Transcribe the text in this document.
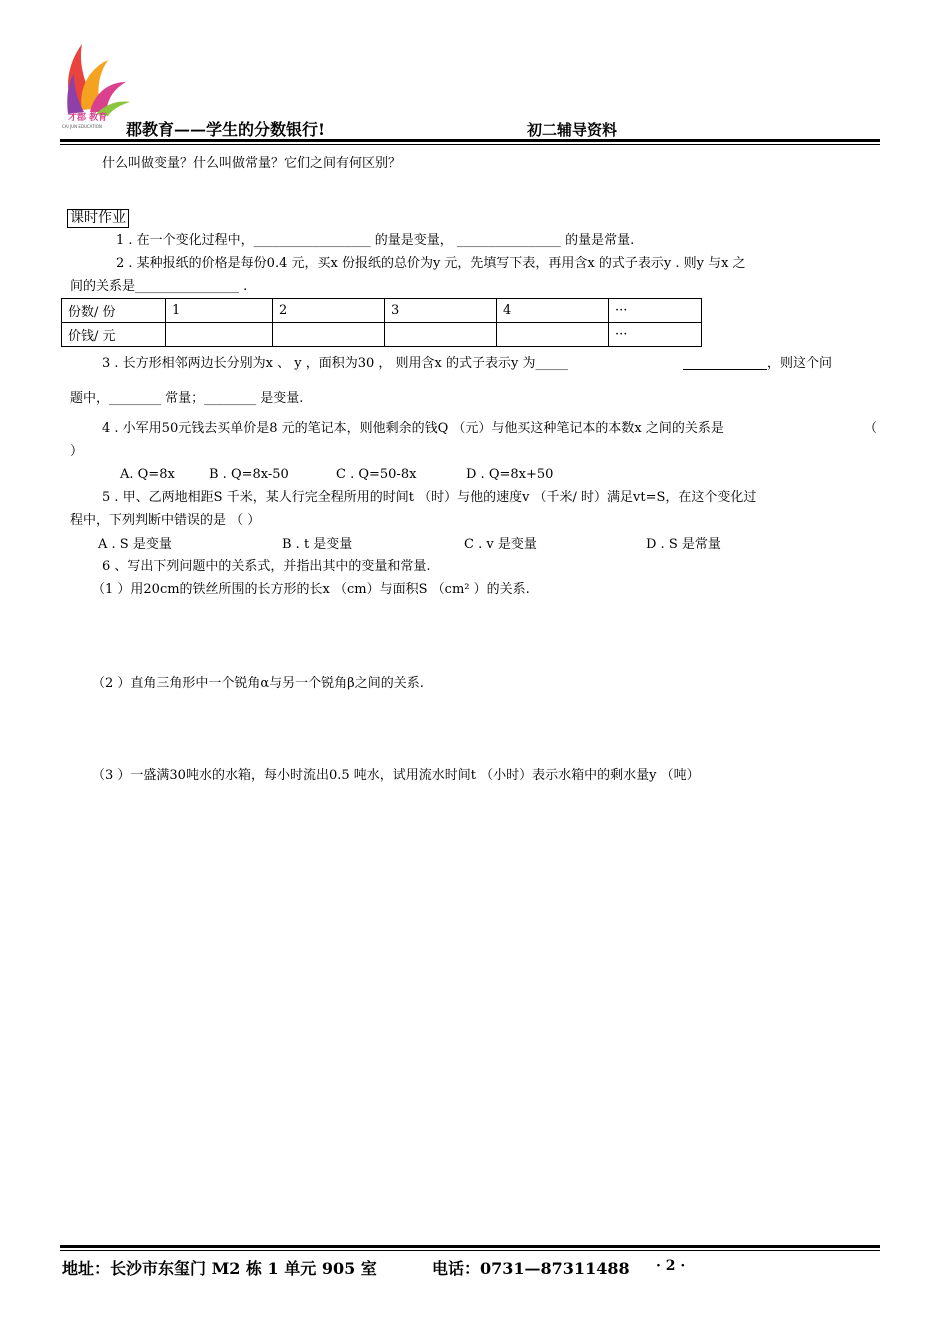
才郡 教育
CAI JUN EDUCATION 郡教育——学生的分数银行!	初二辅导资料
什么叫做变量？什么叫做常量？它们之间有何区别？
课时作业
1 . 在一个变化过程中，__________________ 的量是变量， ________________ 的量是常量.
2 . 某种报纸的价格是每份0.4 元，买x 份报纸的总价为y 元，先填写下表，再用含x 的式子表示y . 则y 与x 之
间的关系是________________ .
份数/ 份	1	2	3	4	···
价钱/ 元					···
3 . 长方形相邻两边长分别为x 、 y ，面积为30 ， 则用含x 的式子表示y 为_____	，则这个问
题中，________ 常量；________ 是变量.
4 . 小军用50元钱去买单价是8 元的笔记本，则他剩余的钱Q （元）与他买这种笔记本的本数x 之间的关系是	（
）
A. Q=8x	B . Q=8x-50	C . Q=50-8x	D . Q=8x+50
5 . 甲、乙两地相距S 千米，某人行完全程所用的时间t （时）与他的速度v （千米/ 时）满足vt=S，在这个变化过
程中，下列判断中错误的是 （ ）
A . S 是变量	B . t 是变量	C . v 是变量	D . S 是常量
6 、写出下列问题中的关系式，并指出其中的变量和常量.
（1 ）用20cm的铁丝所围的长方形的长x （cm）与面积S （cm² ）的关系.
（2 ）直角三角形中一个锐角α与另一个锐角β之间的关系.
（3 ）一盛满30吨水的水箱，每小时流出0.5 吨水，试用流水时间t （小时）表示水箱中的剩水量y （吨）
地址：长沙市东玺门 M2 栋 1 单元 905 室	电话：0731—87311488 · 2 ·
